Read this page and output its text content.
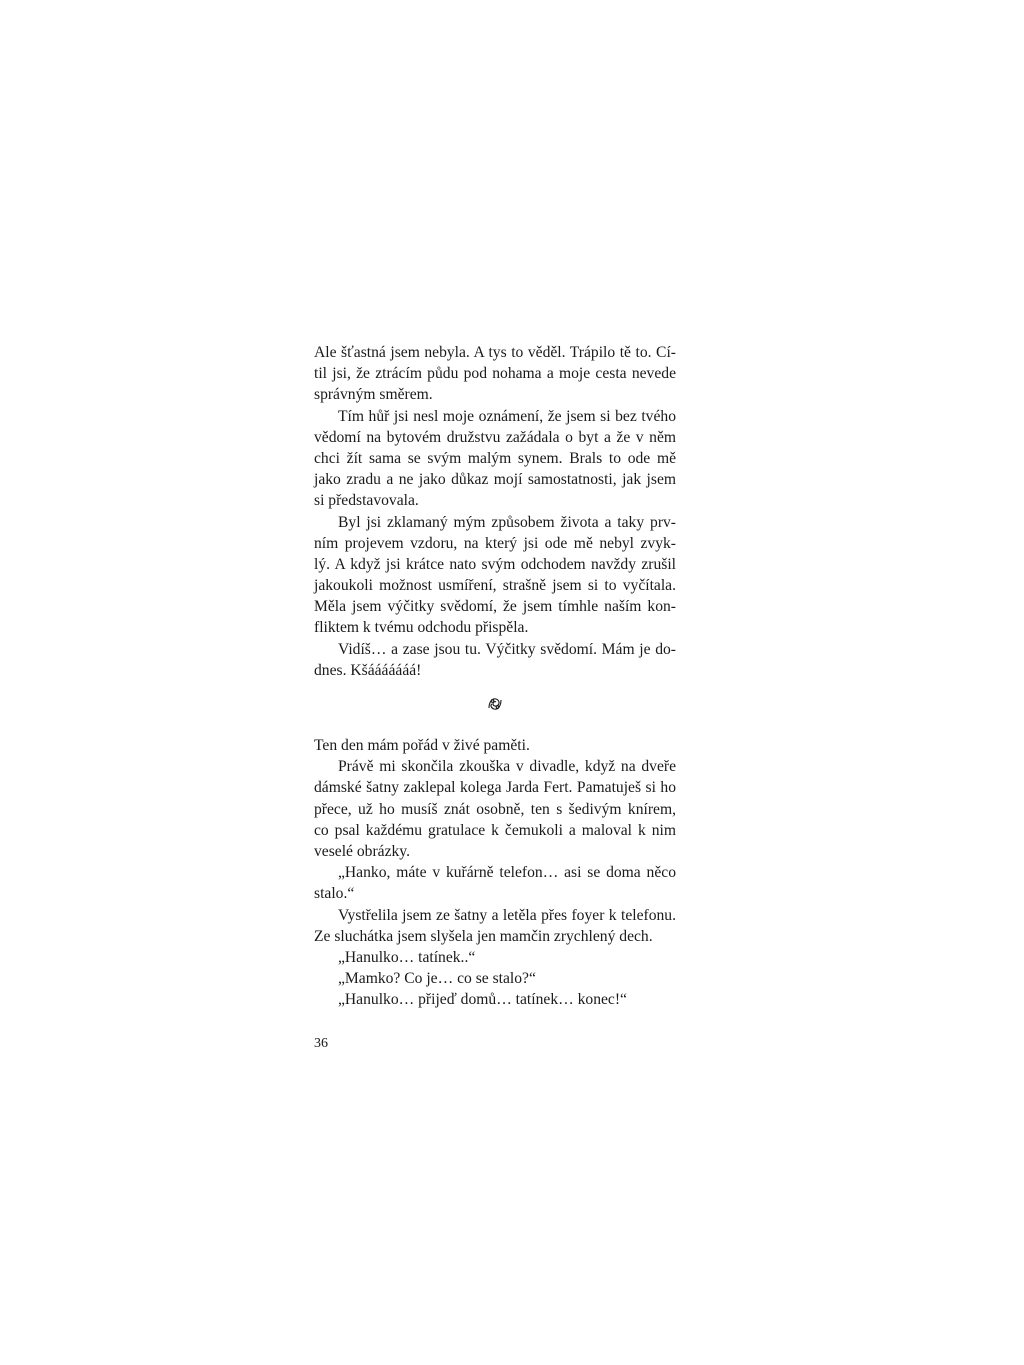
Ale šťastná jsem nebyla. A tys to věděl. Trápilo tě to. Cí-
til jsi, že ztrácím půdu pod nohama a moje cesta nevede
správným směrem.
Tím hůř jsi nesl moje oznámení, že jsem si bez tvého
vědomí na bytovém družstvu zažádala o byt a že v něm
chci žít sama se svým malým synem. Brals to ode mě
jako zradu a ne jako důkaz mojí samostatnosti, jak jsem
si představovala.
Byl jsi zklamaný mým způsobem života a taky prv-
ním projevem vzdoru, na který jsi ode mě nebyl zvyk-
lý. A když jsi krátce nato svým odchodem navždy zrušil
jakoukoli možnost usmíření, strašně jsem si to vyčítala.
Měla jsem výčitky svědomí, že jsem tímhle naším kon-
fliktem k tvému odchodu přispěla.
Vidíš… a zase jsou tu. Výčitky svědomí. Mám je do-
dnes. Kšááááááá!
Ten den mám pořád v živé paměti.
Právě mi skončila zkouška v divadle, když na dveře
dámské šatny zaklepal kolega Jarda Fert. Pamatuješ si ho
přece, už ho musíš znát osobně, ten s šedivým knírem,
co psal každému gratulace k čemukoli a maloval k nim
veselé obrázky.
„Hanko, máte v kuřárně telefon… asi se doma něco
stalo.“
Vystřelila jsem ze šatny a letěla přes foyer k telefonu.
Ze sluchátka jsem slyšela jen mamčin zrychlený dech.
„Hanulko… tatínek..“
„Mamko? Co je… co se stalo?“
„Hanulko… přijeď domů… tatínek… konec!“
36
